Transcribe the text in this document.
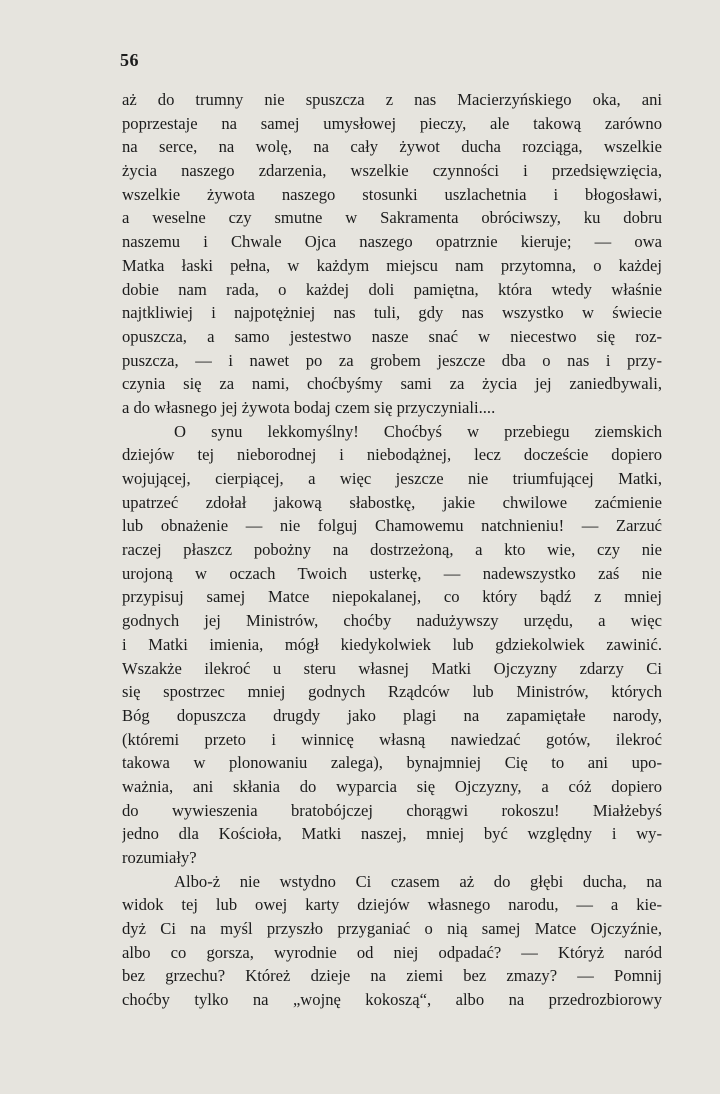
56
aż do trumny nie spuszcza z nas Macierzyńskiego oka, ani
poprzestaje na samej umysłowej pieczy, ale takową zarówno
na serce, na wolę, na cały żywot ducha rozciąga, wszelkie
życia naszego zdarzenia, wszelkie czynności i przedsięwzięcia,
wszelkie żywota naszego stosunki uszlachetnia i błogosławi,
a weselne czy smutne w Sakramenta obróciwszy, ku dobru
naszemu i Chwale Ojca naszego opatrznie kieruje; — owa
Matka łaski pełna, w każdym miejscu nam przytomna, o każdej
dobie nam rada, o każdej doli pamiętna, która wtedy właśnie
najtkliwiej i najpotężniej nas tuli, gdy nas wszystko w świecie
opuszcza, a samo jestestwo nasze snać w niecestwo się roz-
puszcza, — i nawet po za grobem jeszcze dba o nas i przy-
czynia się za nami, choćbyśmy sami za życia jej zaniedbywali,
a do własnego jej żywota bodaj czem się przyczyniali....
O synu lekkomyślny! Choćbyś w przebiegu ziemskich
dziejów tej nieborodnej i niebodążnej, lecz doczeście dopiero
wojującej, cierpiącej, a więc jeszcze nie triumfującej Matki,
upatrzeć zdołał jakową słabostkę, jakie chwilowe zaćmienie
lub obnażenie — nie folguj Chamowemu natchnieniu! — Zarzuć
raczej płaszcz pobożny na dostrzeżoną, a kto wie, czy nie
urojoną w oczach Twoich usterkę, — nadewszystko zaś nie
przypisuj samej Matce niepokalanej, co który bądź z mniej
godnych jej Ministrów, choćby nadużywszy urzędu, a więc
i Matki imienia, mógł kiedykolwiek lub gdziekolwiek zawinić.
Wszakże ilekroć u steru własnej Matki Ojczyzny zdarzy Ci
się spostrzec mniej godnych Rządców lub Ministrów, których
Bóg dopuszcza drugdy jako plagi na zapamiętałe narody,
(któremi przeto i winnicę własną nawiedzać gotów, ilekroć
takowa w plonowaniu zalega), bynajmniej Cię to ani upo-
ważnia, ani skłania do wyparcia się Ojczyzny, a cóż dopiero
do wywieszenia bratobójczej chorągwi rokoszu! Miałżebyś
jedno dla Kościoła, Matki naszej, mniej być względny i wy-
rozumiały?
Albo-ż nie wstydno Ci czasem aż do głębi ducha, na
widok tej lub owej karty dziejów własnego narodu, — a kie-
dyż Ci na myśl przyszło przyganiać o nią samej Matce Ojczyźnie,
albo co gorsza, wyrodnie od niej odpadać? — Któryż naród
bez grzechu? Któreż dzieje na ziemi bez zmazy? — Pomnij
choćby tylko na „wojnę kokoszą“, albo na przedrozbiorowy
